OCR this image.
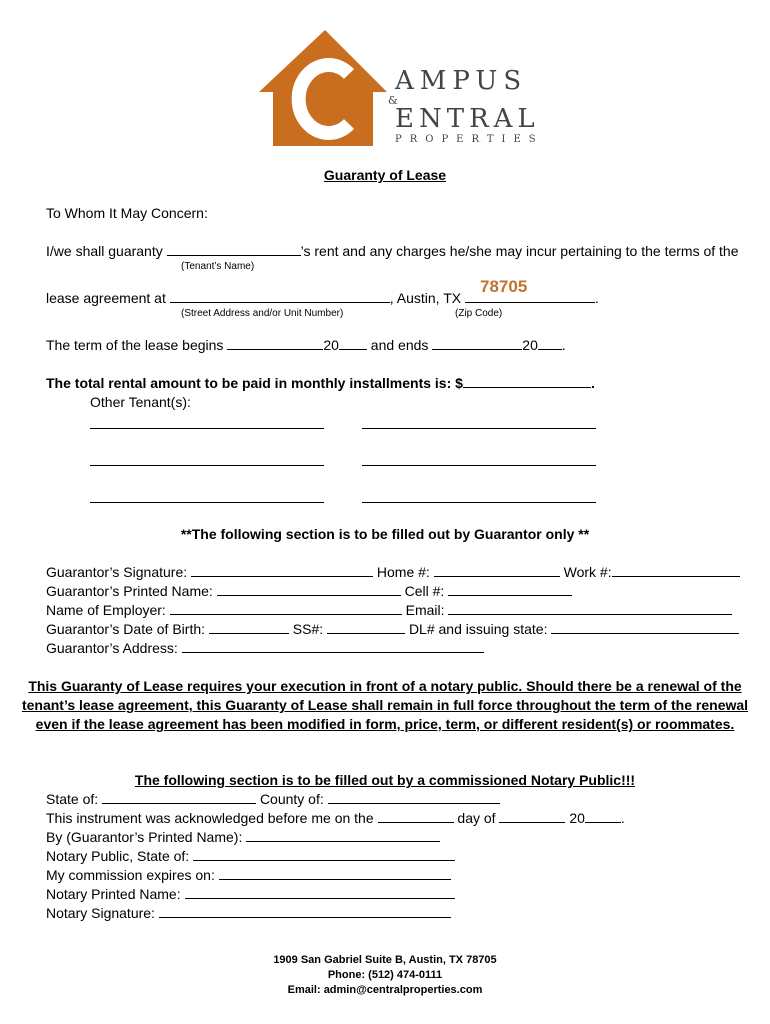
AMPUS
&
ENTRAL
PROPERTIES
Guaranty of Lease
To Whom It May Concern:
I/we shall guaranty	’s rent and any charges he/she may incur pertaining to the terms of the
(Tenant’s Name)
lease agreement at	, Austin, TX	.
78705
(Street Address and/or Unit Number)	(Zip Code)
The term of the lease begins	20 and ends	20 .
The total rental amount to be paid in monthly installments is: $	.
Other Tenant(s):
**The following section is to be filled out by Guarantor only **
Guarantor’s Signature:	Home #:	Work #:
Guarantor’s Printed Name:	Cell #:
Name of Employer:	Email:
Guarantor’s Date of Birth:	SS#:	DL# and issuing state:
Guarantor’s Address:
This Guaranty of Lease requires your execution in front of a notary public. Should there be a renewal of the
tenant’s lease agreement, this Guaranty of Lease shall remain in full force throughout the term of the renewal
even if the lease agreement has been modified in form, price, term, or different resident(s) or roommates.
The following section is to be filled out by a commissioned Notary Public!!!
State of:	County of:
This instrument was acknowledged before me on the	day of	20	.
By (Guarantor’s Printed Name):
Notary Public, State of:
My commission expires on:
Notary Printed Name:
Notary Signature:
1909 San Gabriel Suite B, Austin, TX 78705
Phone: (512) 474-0111
Email: admin@centralproperties.com
